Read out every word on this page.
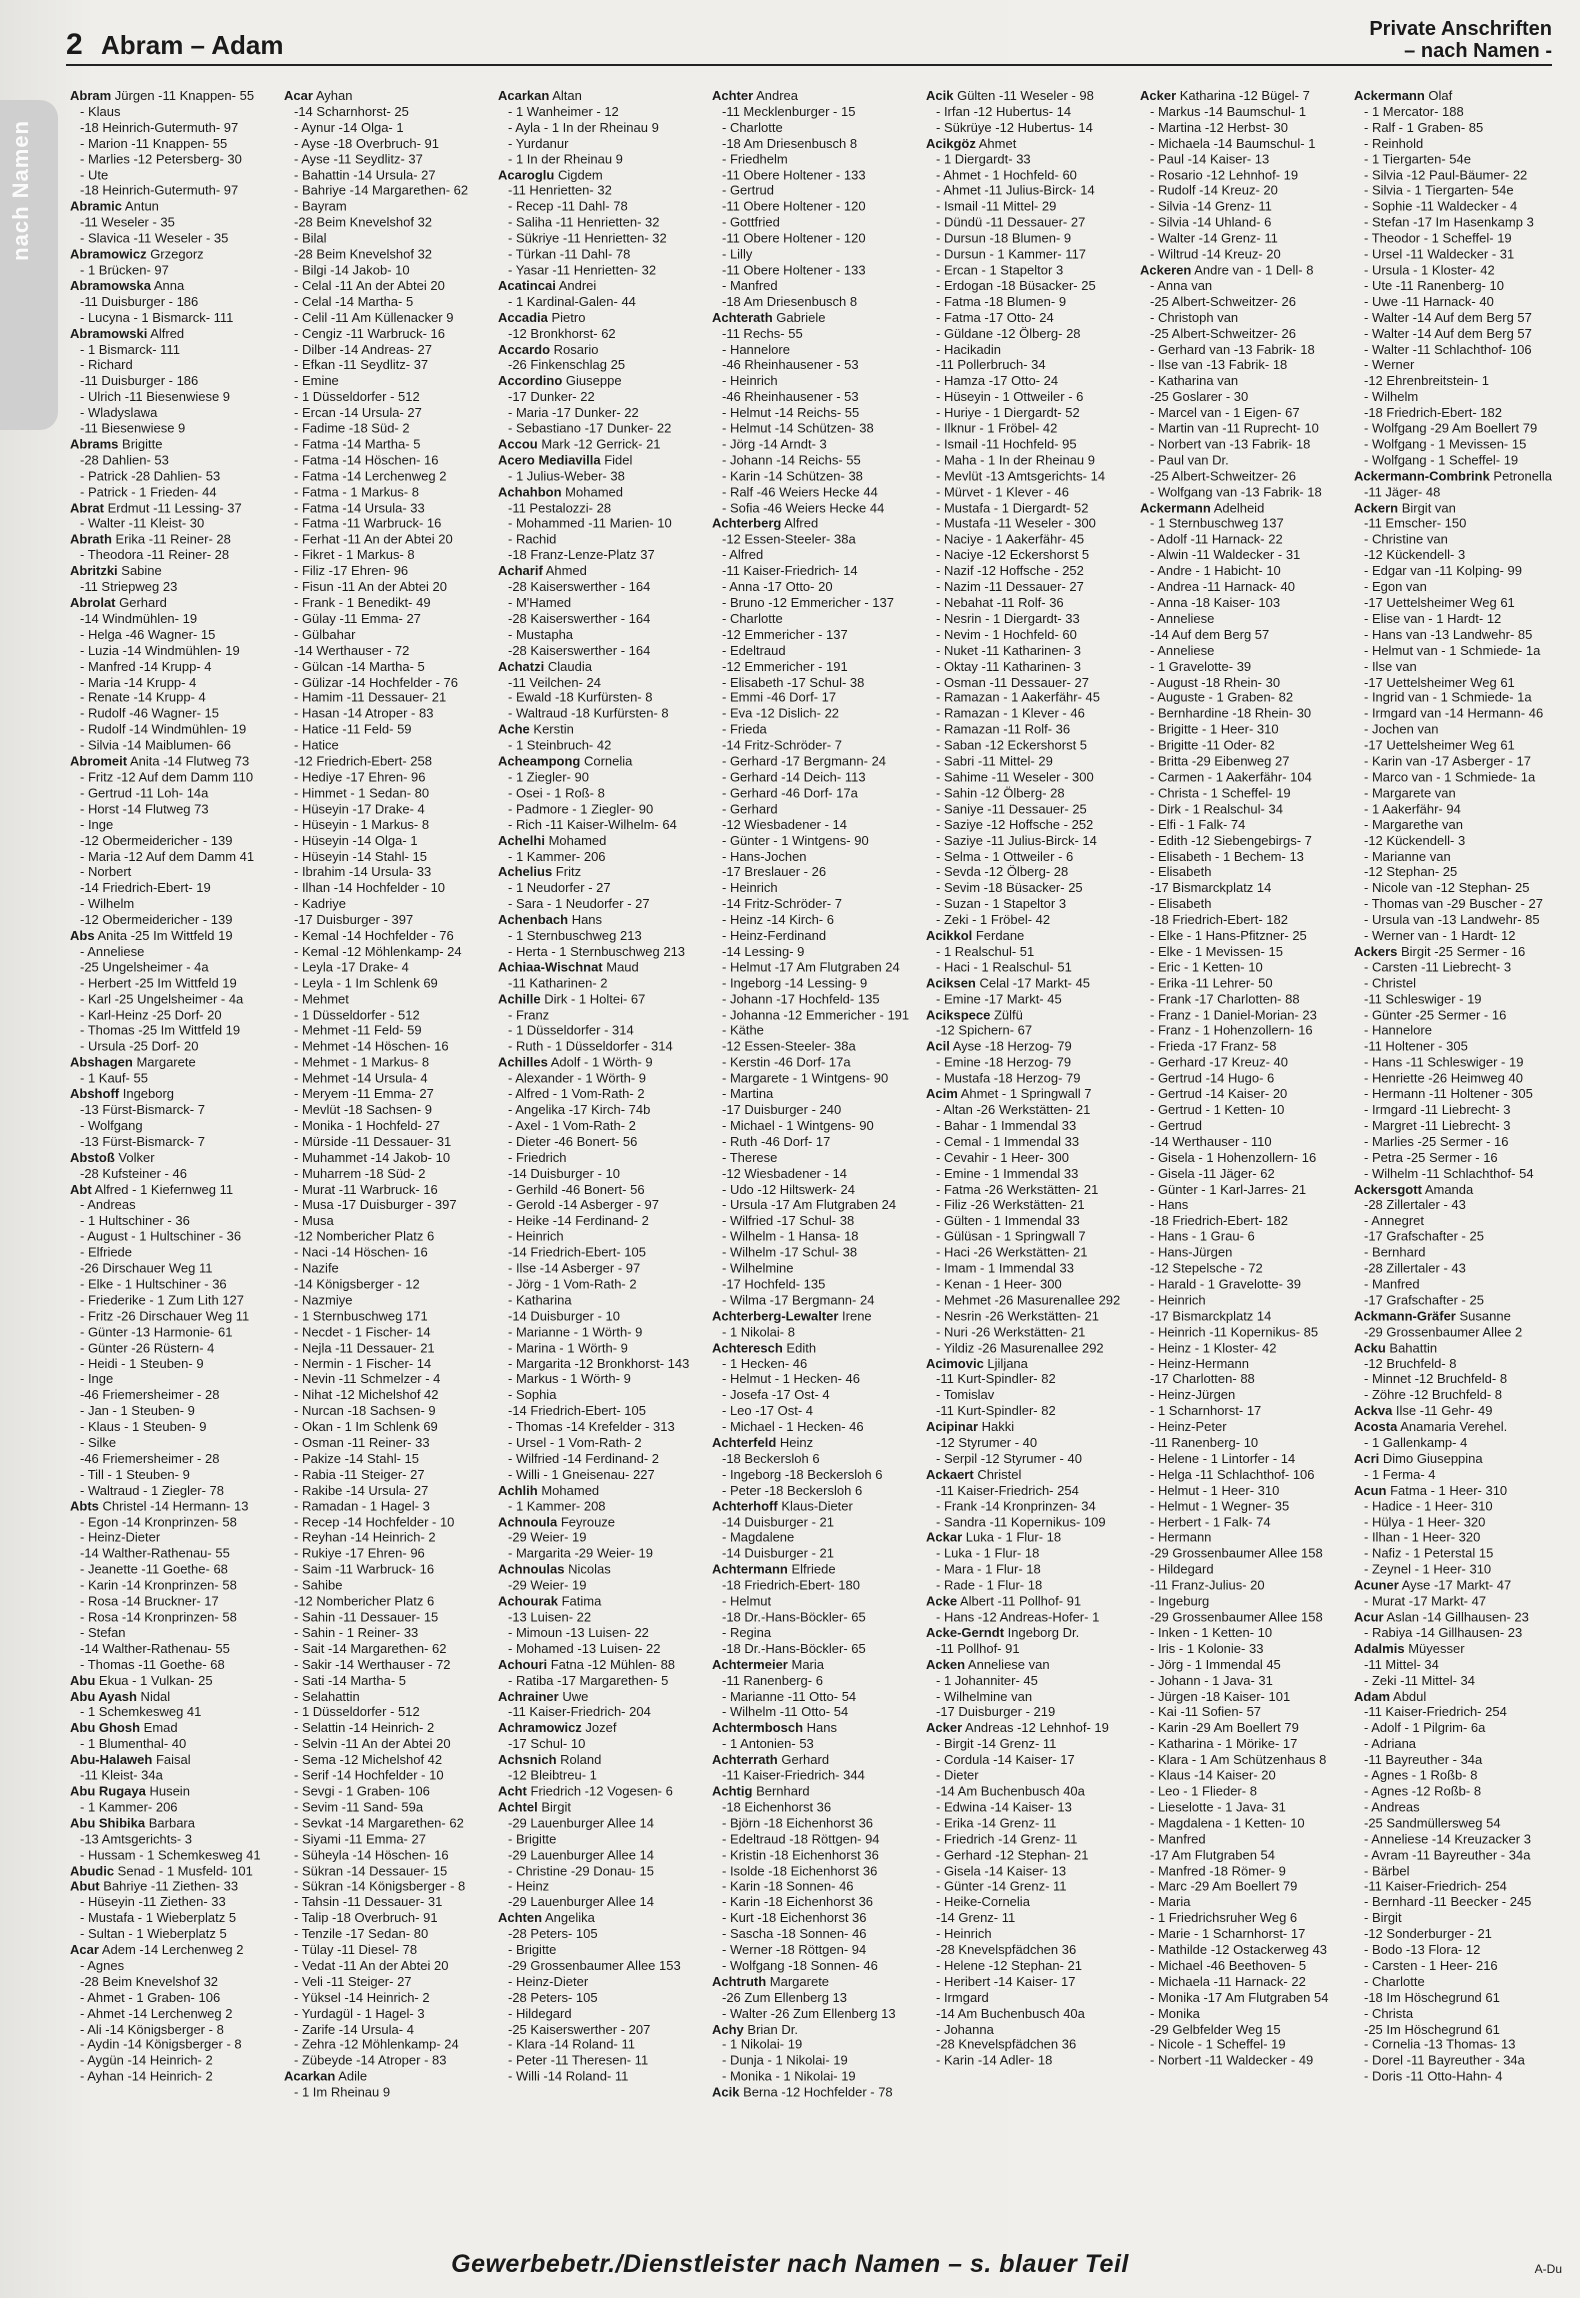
nach Namen
2 Abram – Adam
Private Anschriften
– nach Namen -
Abram Jürgen -11 Knappen- 55
- Klaus
-18 Heinrich-Gutermuth- 97
- Marion -11 Knappen- 55
- Marlies -12 Petersberg- 30
- Ute
-18 Heinrich-Gutermuth- 97
Abramic Antun
-11 Weseler - 35
- Slavica -11 Weseler - 35
Abramowicz Grzegorz
- 1 Brücken- 97
Abramowska Anna
-11 Duisburger - 186
- Lucyna - 1 Bismarck- 111
Abramowski Alfred
- 1 Bismarck- 111
- Richard
-11 Duisburger - 186
- Ulrich -11 Biesenwiese 9
- Wladyslawa
-11 Biesenwiese 9
Abrams Brigitte
-28 Dahlien- 53
- Patrick -28 Dahlien- 53
- Patrick - 1 Frieden- 44
Abrat Erdmut -11 Lessing- 37
- Walter -11 Kleist- 30
Abrath Erika -11 Reiner- 28
- Theodora -11 Reiner- 28
Abritzki Sabine
-11 Striepweg 23
Abrolat Gerhard
-14 Windmühlen- 19
- Helga -46 Wagner- 15
- Luzia -14 Windmühlen- 19
- Manfred -14 Krupp- 4
- Maria -14 Krupp- 4
- Renate -14 Krupp- 4
- Rudolf -46 Wagner- 15
- Rudolf -14 Windmühlen- 19
- Silvia -14 Maiblumen- 66
Abromeit Anita -14 Flutweg 73
- Fritz -12 Auf dem Damm 110
- Gertrud -11 Loh- 14a
- Horst -14 Flutweg 73
- Inge
-12 Obermeidericher - 139
- Maria -12 Auf dem Damm 41
- Norbert
-14 Friedrich-Ebert- 19
- Wilhelm
-12 Obermeidericher - 139
Abs Anita -25 Im Wittfeld 19
- Anneliese
-25 Ungelsheimer - 4a
- Herbert -25 Im Wittfeld 19
- Karl -25 Ungelsheimer - 4a
- Karl-Heinz -25 Dorf- 20
- Thomas -25 Im Wittfeld 19
- Ursula -25 Dorf- 20
Abshagen Margarete
- 1 Kauf- 55
Abshoff Ingeborg
-13 Fürst-Bismarck- 7
- Wolfgang
-13 Fürst-Bismarck- 7
Abstoß Volker
-28 Kufsteiner - 46
Abt Alfred - 1 Kiefernweg 11
- Andreas
- 1 Hultschiner - 36
- August - 1 Hultschiner - 36
- Elfriede
-26 Dirschauer Weg 11
- Elke - 1 Hultschiner - 36
- Friederike - 1 Zum Lith 127
- Fritz -26 Dirschauer Weg 11
- Günter -13 Harmonie- 61
- Günter -26 Rüstern- 4
- Heidi - 1 Steuben- 9
- Inge
-46 Friemersheimer - 28
- Jan - 1 Steuben- 9
- Klaus - 1 Steuben- 9
- Silke
-46 Friemersheimer - 28
- Till - 1 Steuben- 9
- Waltraud - 1 Ziegler- 78
Abts Christel -14 Hermann- 13
- Egon -14 Kronprinzen- 58
- Heinz-Dieter
-14 Walther-Rathenau- 55
- Jeanette -11 Goethe- 68
- Karin -14 Kronprinzen- 58
- Rosa -14 Bruckner- 17
- Rosa -14 Kronprinzen- 58
- Stefan
-14 Walther-Rathenau- 55
- Thomas -11 Goethe- 68
Abu Ekua - 1 Vulkan- 25
Abu Ayash Nidal
- 1 Schemkesweg 41
Abu Ghosh Emad
- 1 Blumenthal- 40
Abu-Halaweh Faisal
-11 Kleist- 34a
Abu Rugaya Husein
- 1 Kammer- 206
Abu Shibika Barbara
-13 Amtsgerichts- 3
- Hussam - 1 Schemkesweg 41
Abudic Senad - 1 Musfeld- 101
Abut Bahriye -11 Ziethen- 33
- Hüseyin -11 Ziethen- 33
- Mustafa - 1 Wieberplatz 5
- Sultan - 1 Wieberplatz 5
Acar Adem -14 Lerchenweg 2
- Agnes
-28 Beim Knevelshof 32
- Ahmet - 1 Graben- 106
- Ahmet -14 Lerchenweg 2
- Ali -14 Königsberger - 8
- Aydin -14 Königsberger - 8
- Aygün -14 Heinrich- 2
- Ayhan -14 Heinrich- 2
Acar Ayhan
-14 Scharnhorst- 25
- Aynur -14 Olga- 1
- Ayse -18 Overbruch- 91
- Ayse -11 Seydlitz- 37
- Bahattin -14 Ursula- 27
- Bahriye -14 Margarethen- 62
- Bayram
-28 Beim Knevelshof 32
- Bilal
-28 Beim Knevelshof 32
- Bilgi -14 Jakob- 10
- Celal -11 An der Abtei 20
- Celal -14 Martha- 5
- Celil -11 Am Küllenacker 9
- Cengiz -11 Warbruck- 16
- Dilber -14 Andreas- 27
- Efkan -11 Seydlitz- 37
- Emine
- 1 Düsseldorfer - 512
- Ercan -14 Ursula- 27
- Fadime -18 Süd- 2
- Fatma -14 Martha- 5
- Fatma -14 Höschen- 16
- Fatma -14 Lerchenweg 2
- Fatma - 1 Markus- 8
- Fatma -14 Ursula- 33
- Fatma -11 Warbruck- 16
- Ferhat -11 An der Abtei 20
- Fikret - 1 Markus- 8
- Filiz -17 Ehren- 96
- Fisun -11 An der Abtei 20
- Frank - 1 Benedikt- 49
- Gülay -11 Emma- 27
- Gülbahar
-14 Werthauser - 72
- Gülcan -14 Martha- 5
- Gülizar -14 Hochfelder - 76
- Hamim -11 Dessauer- 21
- Hasan -14 Atroper - 83
- Hatice -11 Feld- 59
- Hatice
-12 Friedrich-Ebert- 258
- Hediye -17 Ehren- 96
- Himmet - 1 Sedan- 80
- Hüseyin -17 Drake- 4
- Hüseyin - 1 Markus- 8
- Hüseyin -14 Olga- 1
- Hüseyin -14 Stahl- 15
- Ibrahim -14 Ursula- 33
- Ilhan -14 Hochfelder - 10
- Kadriye
-17 Duisburger - 397
- Kemal -14 Hochfelder - 76
- Kemal -12 Möhlenkamp- 24
- Leyla -17 Drake- 4
- Leyla - 1 Im Schlenk 69
- Mehmet
- 1 Düsseldorfer - 512
- Mehmet -11 Feld- 59
- Mehmet -14 Höschen- 16
- Mehmet - 1 Markus- 8
- Mehmet -14 Ursula- 4
- Meryem -11 Emma- 27
- Mevlüt -18 Sachsen- 9
- Monika - 1 Hochfeld- 27
- Mürside -11 Dessauer- 31
- Muhammet -14 Jakob- 10
- Muharrem -18 Süd- 2
- Murat -11 Warbruck- 16
- Musa -17 Duisburger - 397
- Musa
-12 Nombericher Platz 6
- Naci -14 Höschen- 16
- Nazife
-14 Königsberger - 12
- Nazmiye
- 1 Sternbuschweg 171
- Necdet - 1 Fischer- 14
- Nejla -11 Dessauer- 21
- Nermin - 1 Fischer- 14
- Nevin -11 Schmelzer - 4
- Nihat -12 Michelshof 42
- Nurcan -18 Sachsen- 9
- Okan - 1 Im Schlenk 69
- Osman -11 Reiner- 33
- Pakize -14 Stahl- 15
- Rabia -11 Steiger- 27
- Rakibe -14 Ursula- 27
- Ramadan - 1 Hagel- 3
- Recep -14 Hochfelder - 10
- Reyhan -14 Heinrich- 2
- Rukiye -17 Ehren- 96
- Saim -11 Warbruck- 16
- Sahibe
-12 Nombericher Platz 6
- Sahin -11 Dessauer- 15
- Sahin - 1 Reiner- 33
- Sait -14 Margarethen- 62
- Sakir -14 Werthauser - 72
- Sati -14 Martha- 5
- Selahattin
- 1 Düsseldorfer - 512
- Selattin -14 Heinrich- 2
- Selvin -11 An der Abtei 20
- Sema -12 Michelshof 42
- Serif -14 Hochfelder - 10
- Sevgi - 1 Graben- 106
- Sevim -11 Sand- 59a
- Sevkat -14 Margarethen- 62
- Siyami -11 Emma- 27
- Süheyla -14 Höschen- 16
- Sükran -14 Dessauer- 15
- Sükran -14 Königsberger - 8
- Tahsin -11 Dessauer- 31
- Talip -18 Overbruch- 91
- Tenzile -17 Sedan- 80
- Tülay -11 Diesel- 78
- Vedat -11 An der Abtei 20
- Veli -11 Steiger- 27
- Yüksel -14 Heinrich- 2
- Yurdagül - 1 Hagel- 3
- Zarife -14 Ursula- 4
- Zehra -12 Möhlenkamp- 24
- Zübeyde -14 Atroper - 83
Acarkan Adile
- 1 Im Rheinau 9
Acarkan Altan
- 1 Wanheimer - 12
- Ayla - 1 In der Rheinau 9
- Yurdanur
- 1 In der Rheinau 9
Acaroglu Cigdem
-11 Henrietten- 32
- Recep -11 Dahl- 78
- Saliha -11 Henrietten- 32
- Sükriye -11 Henrietten- 32
- Türkan -11 Dahl- 78
- Yasar -11 Henrietten- 32
Acatincai Andrei
- 1 Kardinal-Galen- 44
Accadia Pietro
-12 Bronkhorst- 62
Accardo Rosario
-26 Finkenschlag 25
Accordino Giuseppe
-17 Dunker- 22
- Maria -17 Dunker- 22
- Sebastiano -17 Dunker- 22
Accou Mark -12 Gerrick- 21
Acero Mediavilla Fidel
- 1 Julius-Weber- 38
Achahbon Mohamed
-11 Pestalozzi- 28
- Mohammed -11 Marien- 10
- Rachid
-18 Franz-Lenze-Platz 37
Acharif Ahmed
-28 Kaiserswerther - 164
- M'Hamed
-28 Kaiserswerther - 164
- Mustapha
-28 Kaiserswerther - 164
Achatzi Claudia
-11 Veilchen- 24
- Ewald -18 Kurfürsten- 8
- Waltraud -18 Kurfürsten- 8
Ache Kerstin
- 1 Steinbruch- 42
Acheampong Cornelia
- 1 Ziegler- 90
- Osei - 1 Roß- 8
- Padmore - 1 Ziegler- 90
- Rich -11 Kaiser-Wilhelm- 64
Achelhi Mohamed
- 1 Kammer- 206
Achelius Fritz
- 1 Neudorfer - 27
- Sara - 1 Neudorfer - 27
Achenbach Hans
- 1 Sternbuschweg 213
- Herta - 1 Sternbuschweg 213
Achiaa-Wischnat Maud
-11 Katharinen- 2
Achille Dirk - 1 Holtei- 67
- Franz
- 1 Düsseldorfer - 314
- Ruth - 1 Düsseldorfer - 314
Achilles Adolf - 1 Wörth- 9
- Alexander - 1 Wörth- 9
- Alfred - 1 Vom-Rath- 2
- Angelika -17 Kirch- 74b
- Axel - 1 Vom-Rath- 2
- Dieter -46 Bonert- 56
- Friedrich
-14 Duisburger - 10
- Gerhild -46 Bonert- 56
- Gerold -14 Asberger - 97
- Heike -14 Ferdinand- 2
- Heinrich
-14 Friedrich-Ebert- 105
- Ilse -14 Asberger - 97
- Jörg - 1 Vom-Rath- 2
- Katharina
-14 Duisburger - 10
- Marianne - 1 Wörth- 9
- Marina - 1 Wörth- 9
- Margarita -12 Bronkhorst- 143
- Markus - 1 Wörth- 9
- Sophia
-14 Friedrich-Ebert- 105
- Thomas -14 Krefelder - 313
- Ursel - 1 Vom-Rath- 2
- Wilfried -14 Ferdinand- 2
- Willi - 1 Gneisenau- 227
Achlih Mohamed
- 1 Kammer- 208
Achnoula Feyrouze
-29 Weier- 19
- Margarita -29 Weier- 19
Achnoulas Nicolas
-29 Weier- 19
Achourak Fatima
-13 Luisen- 22
- Mimoun -13 Luisen- 22
- Mohamed -13 Luisen- 22
Achouri Fatna -12 Mühlen- 88
- Ratiba -17 Margarethen- 5
Achrainer Uwe
-11 Kaiser-Friedrich- 204
Achramowicz Jozef
-17 Schul- 10
Achsnich Roland
-12 Bleibtreu- 1
Acht Friedrich -12 Vogesen- 6
Achtel Birgit
-29 Lauenburger Allee 14
- Brigitte
-29 Lauenburger Allee 14
- Christine -29 Donau- 15
- Heinz
-29 Lauenburger Allee 14
Achten Angelika
-28 Peters- 105
- Brigitte
-29 Grossenbaumer Allee 153
- Heinz-Dieter
-28 Peters- 105
- Hildegard
-25 Kaiserswerther - 207
- Klara -14 Roland- 11
- Peter -11 Theresen- 11
- Willi -14 Roland- 11
Achter Andrea
-11 Mecklenburger - 15
- Charlotte
-18 Am Driesenbusch 8
- Friedhelm
-11 Obere Holtener - 133
- Gertrud
-11 Obere Holtener - 120
- Gottfried
-11 Obere Holtener - 120
- Lilly
-11 Obere Holtener - 133
- Manfred
-18 Am Driesenbusch 8
Achterath Gabriele
-11 Rechs- 55
- Hannelore
-46 Rheinhausener - 53
- Heinrich
-46 Rheinhausener - 53
- Helmut -14 Reichs- 55
- Helmut -14 Schützen- 38
- Jörg -14 Arndt- 3
- Johann -14 Reichs- 55
- Karin -14 Schützen- 38
- Ralf -46 Weiers Hecke 44
- Sofia -46 Weiers Hecke 44
Achterberg Alfred
-12 Essen-Steeler- 38a
- Alfred
-11 Kaiser-Friedrich- 14
- Anna -17 Otto- 20
- Bruno -12 Emmericher - 137
- Charlotte
-12 Emmericher - 137
- Edeltraud
-12 Emmericher - 191
- Elisabeth -17 Schul- 38
- Emmi -46 Dorf- 17
- Eva -12 Dislich- 22
- Frieda
-14 Fritz-Schröder- 7
- Gerhard -17 Bergmann- 24
- Gerhard -14 Deich- 113
- Gerhard -46 Dorf- 17a
- Gerhard
-12 Wiesbadener - 14
- Günter - 1 Wintgens- 90
- Hans-Jochen
-17 Breslauer - 26
- Heinrich
-14 Fritz-Schröder- 7
- Heinz -14 Kirch- 6
- Heinz-Ferdinand
-14 Lessing- 9
- Helmut -17 Am Flutgraben 24
- Ingeborg -14 Lessing- 9
- Johann -17 Hochfeld- 135
- Johanna -12 Emmericher - 191
- Käthe
-12 Essen-Steeler- 38a
- Kerstin -46 Dorf- 17a
- Margarete - 1 Wintgens- 90
- Martina
-17 Duisburger - 240
- Michael - 1 Wintgens- 90
- Ruth -46 Dorf- 17
- Therese
-12 Wiesbadener - 14
- Udo -12 Hiltswerk- 24
- Ursula -17 Am Flutgraben 24
- Wilfried -17 Schul- 38
- Wilhelm - 1 Hansa- 18
- Wilhelm -17 Schul- 38
- Wilhelmine
-17 Hochfeld- 135
- Wilma -17 Bergmann- 24
Achterberg-Lewalter Irene
- 1 Nikolai- 8
Achteresch Edith
- 1 Hecken- 46
- Helmut - 1 Hecken- 46
- Josefa -17 Ost- 4
- Leo -17 Ost- 4
- Michael - 1 Hecken- 46
Achterfeld Heinz
-18 Beckersloh 6
- Ingeborg -18 Beckersloh 6
- Peter -18 Beckersloh 6
Achterhoff Klaus-Dieter
-14 Duisburger - 21
- Magdalene
-14 Duisburger - 21
Achtermann Elfriede
-18 Friedrich-Ebert- 180
- Helmut
-18 Dr.-Hans-Böckler- 65
- Regina
-18 Dr.-Hans-Böckler- 65
Achtermeier Maria
-11 Ranenberg- 6
- Marianne -11 Otto- 54
- Wilhelm -11 Otto- 54
Achtermbosch Hans
- 1 Antonien- 53
Achterrath Gerhard
-11 Kaiser-Friedrich- 344
Achtig Bernhard
-18 Eichenhorst 36
- Björn -18 Eichenhorst 36
- Edeltraud -18 Röttgen- 94
- Kristin -18 Eichenhorst 36
- Isolde -18 Eichenhorst 36
- Karin -18 Sonnen- 46
- Karin -18 Eichenhorst 36
- Kurt -18 Eichenhorst 36
- Sascha -18 Sonnen- 46
- Werner -18 Röttgen- 94
- Wolfgang -18 Sonnen- 46
Achtruth Margarete
-26 Zum Ellenberg 13
- Walter -26 Zum Ellenberg 13
Achy Brian Dr.
- 1 Nikolai- 19
- Dunja - 1 Nikolai- 19
- Monika - 1 Nikolai- 19
Acik Berna -12 Hochfelder - 78
Acik Gülten -11 Weseler - 98
- Irfan -12 Hubertus- 14
- Sükrüye -12 Hubertus- 14
Acikgöz Ahmet
- 1 Diergardt- 33
- Ahmet - 1 Hochfeld- 60
- Ahmet -11 Julius-Birck- 14
- Ismail -11 Mittel- 29
- Dündü -11 Dessauer- 27
- Dursun -18 Blumen- 9
- Dursun - 1 Kammer- 117
- Ercan - 1 Stapeltor 3
- Erdogan -18 Büsacker- 25
- Fatma -18 Blumen- 9
- Fatma -17 Otto- 24
- Güldane -12 Ölberg- 28
- Hacikadin
-11 Pollerbruch- 34
- Hamza -17 Otto- 24
- Hüseyin - 1 Ottweiler - 6
- Huriye - 1 Diergardt- 52
- Ilknur - 1 Fröbel- 42
- Ismail -11 Hochfeld- 95
- Maha - 1 In der Rheinau 9
- Mevlüt -13 Amtsgerichts- 14
- Mürvet - 1 Klever - 46
- Mustafa - 1 Diergardt- 52
- Mustafa -11 Weseler - 300
- Naciye - 1 Aakerfähr- 45
- Naciye -12 Eckershorst 5
- Nazif -12 Hoffsche - 252
- Nazim -11 Dessauer- 27
- Nebahat -11 Rolf- 36
- Nesrin - 1 Diergardt- 33
- Nevim - 1 Hochfeld- 60
- Nuket -11 Katharinen- 3
- Oktay -11 Katharinen- 3
- Osman -11 Dessauer- 27
- Ramazan - 1 Aakerfähr- 45
- Ramazan - 1 Klever - 46
- Ramazan -11 Rolf- 36
- Saban -12 Eckershorst 5
- Sabri -11 Mittel- 29
- Sahime -11 Weseler - 300
- Sahin -12 Ölberg- 28
- Saniye -11 Dessauer- 25
- Saziye -12 Hoffsche - 252
- Saziye -11 Julius-Birck- 14
- Selma - 1 Ottweiler - 6
- Sevda -12 Ölberg- 28
- Sevim -18 Büsacker- 25
- Suzan - 1 Stapeltor 3
- Zeki - 1 Fröbel- 42
Acikkol Ferdane
- 1 Realschul- 51
- Haci - 1 Realschul- 51
Aciksen Celal -17 Markt- 45
- Emine -17 Markt- 45
Acikspece Zülfü
-12 Spichern- 67
Acil Ayse -18 Herzog- 79
- Emine -18 Herzog- 79
- Mustafa -18 Herzog- 79
Acim Ahmet - 1 Springwall 7
- Altan -26 Werkstätten- 21
- Bahar - 1 Immendal 33
- Cemal - 1 Immendal 33
- Cevahir - 1 Heer- 300
- Emine - 1 Immendal 33
- Fatma -26 Werkstätten- 21
- Filiz -26 Werkstätten- 21
- Gülten - 1 Immendal 33
- Gülüsan - 1 Springwall 7
- Haci -26 Werkstätten- 21
- Imam - 1 Immendal 33
- Kenan - 1 Heer- 300
- Mehmet -26 Masurenallee 292
- Nesrin -26 Werkstätten- 21
- Nuri -26 Werkstätten- 21
- Yildiz -26 Masurenallee 292
Acimovic Ljiljana
-11 Kurt-Spindler- 82
- Tomislav
-11 Kurt-Spindler- 82
Acipinar Hakki
-12 Styrumer - 40
- Serpil -12 Styrumer - 40
Ackaert Christel
-11 Kaiser-Friedrich- 254
- Frank -14 Kronprinzen- 34
- Sandra -11 Kopernikus- 109
Ackar Luka - 1 Flur- 18
- Luka - 1 Flur- 18
- Mara - 1 Flur- 18
- Rade - 1 Flur- 18
Acke Albert -11 Pollhof- 91
- Hans -12 Andreas-Hofer- 1
Acke-Gerndt Ingeborg Dr.
-11 Pollhof- 91
Acken Anneliese van
- 1 Johanniter- 45
- Wilhelmine van
-17 Duisburger - 219
Acker Andreas -12 Lehnhof- 19
- Birgit -14 Grenz- 11
- Cordula -14 Kaiser- 17
- Dieter
-14 Am Buchenbusch 40a
- Edwina -14 Kaiser- 13
- Erika -14 Grenz- 11
- Friedrich -14 Grenz- 11
- Gerhard -12 Stephan- 21
- Gisela -14 Kaiser- 13
- Günter -14 Grenz- 11
- Heike-Cornelia
-14 Grenz- 11
- Heinrich
-28 Knevelspfädchen 36
- Helene -12 Stephan- 21
- Heribert -14 Kaiser- 17
- Irmgard
-14 Am Buchenbusch 40a
- Johanna
-28 Knevelspfädchen 36
- Karin -14 Adler- 18
Acker Katharina -12 Bügel- 7
- Markus -14 Baumschul- 1
- Martina -12 Herbst- 30
- Michaela -14 Baumschul- 1
- Paul -14 Kaiser- 13
- Rosario -12 Lehnhof- 19
- Rudolf -14 Kreuz- 20
- Silvia -14 Grenz- 11
- Silvia -14 Uhland- 6
- Walter -14 Grenz- 11
- Wiltrud -14 Kreuz- 20
Ackeren Andre van - 1 Dell- 8
- Anna van
-25 Albert-Schweitzer- 26
- Christoph van
-25 Albert-Schweitzer- 26
- Gerhard van -13 Fabrik- 18
- Ilse van -13 Fabrik- 18
- Katharina van
-25 Goslarer - 30
- Marcel van - 1 Eigen- 67
- Martin van -11 Ruprecht- 10
- Norbert van -13 Fabrik- 18
- Paul van Dr.
-25 Albert-Schweitzer- 26
- Wolfgang van -13 Fabrik- 18
Ackermann Adelheid
- 1 Sternbuschweg 137
- Adolf -11 Harnack- 22
- Alwin -11 Waldecker - 31
- Andre - 1 Habicht- 10
- Andrea -11 Harnack- 40
- Anna -18 Kaiser- 103
- Anneliese
-14 Auf dem Berg 57
- Anneliese
- 1 Gravelotte- 39
- August -18 Rhein- 30
- Auguste - 1 Graben- 82
- Bernhardine -18 Rhein- 30
- Brigitte - 1 Heer- 310
- Brigitte -11 Oder- 82
- Britta -29 Eibenweg 27
- Carmen - 1 Aakerfähr- 104
- Christa - 1 Scheffel- 19
- Dirk - 1 Realschul- 34
- Elfi - 1 Falk- 74
- Edith -12 Siebengebirgs- 7
- Elisabeth - 1 Bechem- 13
- Elisabeth
-17 Bismarckplatz 14
- Elisabeth
-18 Friedrich-Ebert- 182
- Elke - 1 Hans-Pfitzner- 25
- Elke - 1 Mevissen- 15
- Eric - 1 Ketten- 10
- Erika -11 Lehrer- 50
- Frank -17 Charlotten- 88
- Franz - 1 Daniel-Morian- 23
- Franz - 1 Hohenzollern- 16
- Frieda -17 Franz- 58
- Gerhard -17 Kreuz- 40
- Gertrud -14 Hugo- 6
- Gertrud -14 Kaiser- 20
- Gertrud - 1 Ketten- 10
- Gertrud
-14 Werthauser - 110
- Gisela - 1 Hohenzollern- 16
- Gisela -11 Jäger- 62
- Günter - 1 Karl-Jarres- 21
- Hans
-18 Friedrich-Ebert- 182
- Hans - 1 Grau- 6
- Hans-Jürgen
-12 Stepelsche - 72
- Harald - 1 Gravelotte- 39
- Heinrich
-17 Bismarckplatz 14
- Heinrich -11 Kopernikus- 85
- Heinz - 1 Kloster- 42
- Heinz-Hermann
-17 Charlotten- 88
- Heinz-Jürgen
- 1 Scharnhorst- 17
- Heinz-Peter
-11 Ranenberg- 10
- Helene - 1 Lintorfer - 14
- Helga -11 Schlachthof- 106
- Helmut - 1 Heer- 310
- Helmut - 1 Wegner- 35
- Herbert - 1 Falk- 74
- Hermann
-29 Grossenbaumer Allee 158
- Hildegard
-11 Franz-Julius- 20
- Ingeburg
-29 Grossenbaumer Allee 158
- Inken - 1 Ketten- 10
- Iris - 1 Kolonie- 33
- Jörg - 1 Immendal 45
- Johann - 1 Java- 31
- Jürgen -18 Kaiser- 101
- Kai -11 Sofien- 57
- Karin -29 Am Boellert 79
- Katharina - 1 Mörike- 17
- Klara - 1 Am Schützenhaus 8
- Klaus -14 Kaiser- 20
- Leo - 1 Flieder- 8
- Lieselotte - 1 Java- 31
- Magdalena - 1 Ketten- 10
- Manfred
-17 Am Flutgraben 54
- Manfred -18 Römer- 9
- Marc -29 Am Boellert 79
- Maria
- 1 Friedrichsruher Weg 6
- Marie - 1 Scharnhorst- 17
- Mathilde -12 Ostackerweg 43
- Michael -46 Beethoven- 5
- Michaela -11 Harnack- 22
- Monika -17 Am Flutgraben 54
- Monika
-29 Gelbfelder Weg 15
- Nicole - 1 Scheffel- 19
- Norbert -11 Waldecker - 49
Ackermann Olaf
- 1 Mercator- 188
- Ralf - 1 Graben- 85
- Reinhold
- 1 Tiergarten- 54e
- Silvia -12 Paul-Bäumer- 22
- Silvia - 1 Tiergarten- 54e
- Sophie -11 Waldecker - 4
- Stefan -17 Im Hasenkamp 3
- Theodor - 1 Scheffel- 19
- Ursel -11 Waldecker - 31
- Ursula - 1 Kloster- 42
- Ute -11 Ranenberg- 10
- Uwe -11 Harnack- 40
- Walter -14 Auf dem Berg 57
- Walter -14 Auf dem Berg 57
- Walter -11 Schlachthof- 106
- Werner
-12 Ehrenbreitstein- 1
- Wilhelm
-18 Friedrich-Ebert- 182
- Wolfgang -29 Am Boellert 79
- Wolfgang - 1 Mevissen- 15
- Wolfgang - 1 Scheffel- 19
Ackermann-Combrink Petronella
-11 Jäger- 48
Ackern Birgit van
-11 Emscher- 150
- Christine van
-12 Kückendell- 3
- Edgar van -11 Kolping- 99
- Egon van
-17 Uettelsheimer Weg 61
- Elise van - 1 Hardt- 12
- Hans van -13 Landwehr- 85
- Helmut van - 1 Schmiede- 1a
- Ilse van
-17 Uettelsheimer Weg 61
- Ingrid van - 1 Schmiede- 1a
- Irmgard van -14 Hermann- 46
- Jochen van
-17 Uettelsheimer Weg 61
- Karin van -17 Asberger - 17
- Marco van - 1 Schmiede- 1a
- Margarete van
- 1 Aakerfähr- 94
- Margarethe van
-12 Kückendell- 3
- Marianne van
-12 Stephan- 25
- Nicole van -12 Stephan- 25
- Thomas van -29 Buscher - 27
- Ursula van -13 Landwehr- 85
- Werner van - 1 Hardt- 12
Ackers Birgit -25 Sermer - 16
- Carsten -11 Liebrecht- 3
- Christel
-11 Schleswiger - 19
- Günter -25 Sermer - 16
- Hannelore
-11 Holtener - 305
- Hans -11 Schleswiger - 19
- Henriette -26 Heimweg 40
- Hermann -11 Holtener - 305
- Irmgard -11 Liebrecht- 3
- Margret -11 Liebrecht- 3
- Marlies -25 Sermer - 16
- Petra -25 Sermer - 16
- Wilhelm -11 Schlachthof- 54
Ackersgott Amanda
-28 Zillertaler - 43
- Annegret
-17 Grafschafter - 25
- Bernhard
-28 Zillertaler - 43
- Manfred
-17 Grafschafter - 25
Ackmann-Gräfer Susanne
-29 Grossenbaumer Allee 2
Acku Bahattin
-12 Bruchfeld- 8
- Minnet -12 Bruchfeld- 8
- Zöhre -12 Bruchfeld- 8
Ackva Ilse -11 Gehr- 49
Acosta Anamaria Verehel.
- 1 Gallenkamp- 4
Acri Dimo Giuseppina
- 1 Ferma- 4
Acun Fatma - 1 Heer- 310
- Hadice - 1 Heer- 310
- Hülya - 1 Heer- 320
- Ilhan - 1 Heer- 320
- Nafiz - 1 Peterstal 15
- Zeynel - 1 Heer- 310
Acuner Ayse -17 Markt- 47
- Murat -17 Markt- 47
Acur Aslan -14 Gillhausen- 23
- Rabiya -14 Gillhausen- 23
Adalmis Müyesser
-11 Mittel- 34
- Zeki -11 Mittel- 34
Adam Abdul
-11 Kaiser-Friedrich- 254
- Adolf - 1 Pilgrim- 6a
- Adriana
-11 Bayreuther - 34a
- Agnes - 1 Roßb- 8
- Agnes -12 Roßb- 8
- Andreas
-25 Sandmüllersweg 54
- Anneliese -14 Kreuzacker 3
- Avram -11 Bayreuther - 34a
- Bärbel
-11 Kaiser-Friedrich- 254
- Bernhard -11 Beecker - 245
- Birgit
-12 Sonderburger - 21
- Bodo -13 Flora- 12
- Carsten - 1 Heer- 216
- Charlotte
-18 Im Höschegrund 61
- Christa
-25 Im Höschegrund 61
- Cornelia -13 Thomas- 13
- Dorel -11 Bayreuther - 34a
- Doris -11 Otto-Hahn- 4
Gewerbebetr./Dienstleister nach Namen – s. blauer Teil	A-Du
